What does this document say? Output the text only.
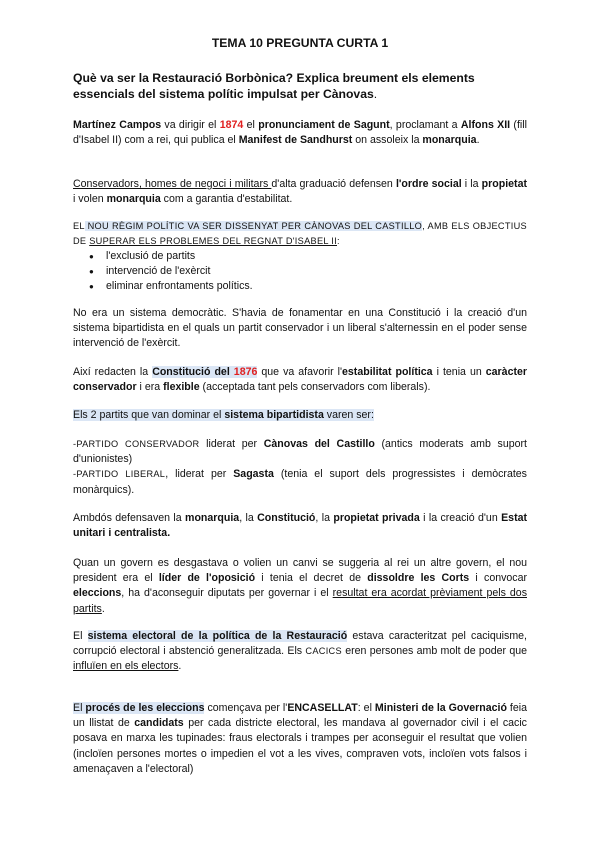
TEMA 10 PREGUNTA CURTA 1
Què va ser la Restauració Borbònica? Explica breument els elements essencials del sistema polític impulsat per Cànovas.
Martínez Campos va dirigir el 1874 el pronunciament de Sagunt, proclamant a Alfons XII (fill d'Isabel II) com a rei, qui publica el Manifest de Sandhurst on assoleix la monarquia.
Conservadors, homes de negoci i militars d'alta graduació defensen l'ordre social i la propietat i volen monarquia com a garantia d'estabilitat.
EL NOU RÈGIM POLÍTIC VA SER DISSENYAT PER CÀNOVAS DEL CASTILLO, AMB ELS OBJECTIUS DE SUPERAR ELS PROBLEMES DEL REGNAT D'ISABEL II:
● l'exclusió de partits
● intervenció de l'exèrcit
● eliminar enfrontaments polítics.
No era un sistema democràtic. S'havia de fonamentar en una Constitució i la creació d'un sistema bipartidista en el quals un partit conservador i un liberal s'alternessin en el poder sense intervenció de l'exèrcit.
Així redacten la Constitució del 1876 que va afavorir l'estabilitat política i tenia un caràcter conservador i era flexible (acceptada tant pels conservadors com liberals).
Els 2 partits que van dominar el sistema bipartidista varen ser:
-PARTIDO CONSERVADOR liderat per Cànovas del Castillo (antics moderats amb suport d'unionistes)
-PARTIDO LIBERAL, liderat per Sagasta (tenia el suport dels progressistes i demòcrates monàrquics).
Ambdós defensaven la monarquia, la Constitució, la propietat privada i la creació d'un Estat unitari i centralista.
Quan un govern es desgastava o volien un canvi se suggeria al rei un altre govern, el nou president era el líder de l'oposició i tenia el decret de dissoldre les Corts i convocar eleccions, ha d'aconseguir diputats per governar i el resultat era acordat prèviament pels dos partits.
El sistema electoral de la política de la Restauració estava caracteritzat pel caciquisme, corrupció electoral i abstenció generalitzada. Els CACICS eren persones amb molt de poder que influïen en els electors.
El procés de les eleccions començava per l'ENCASELLAT: el Ministeri de la Governació feia un llistat de candidats per cada districte electoral, les mandava al governador civil i el cacic posava en marxa les tupinades: fraus electorals i trampes per aconseguir el resultat que volien (incloïen persones mortes o impedien el vot a les vives, compraven vots, incloïen vots falsos i amenaçaven a l'electoral)
